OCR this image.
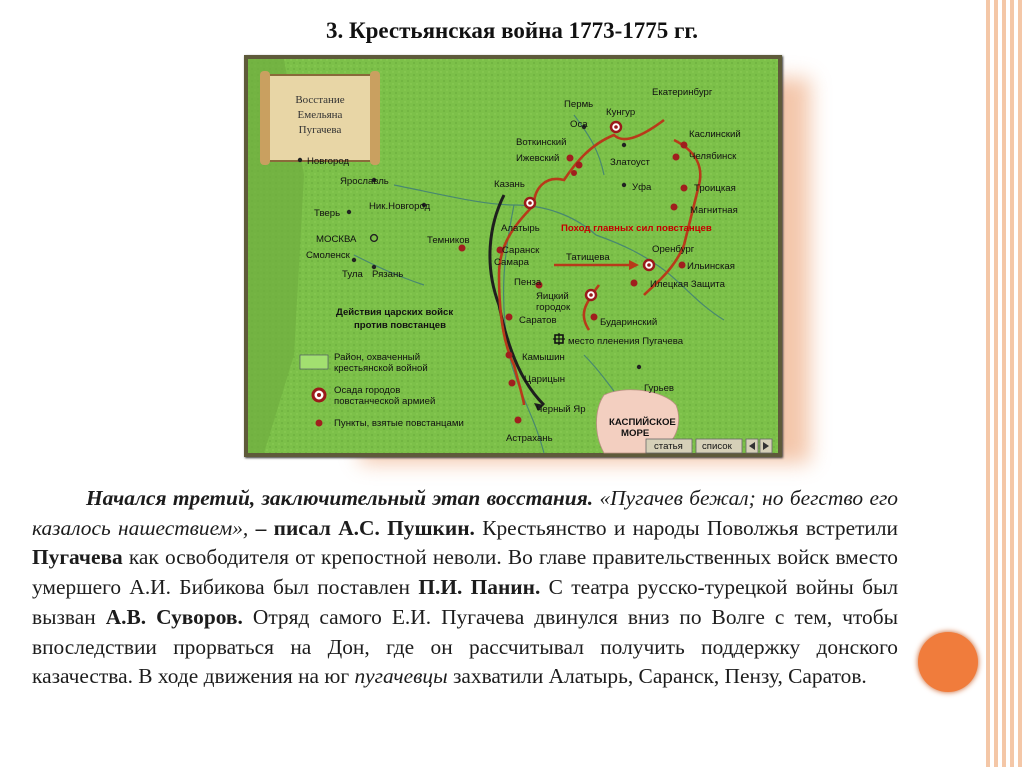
3. Крестьянская война 1773-1775 гг.
КАСПИЙСКОЕ
МОРЕ
Восстание
Емельяна
Пугачева
Пермь
Кунгур
Екатеринбург
Оса
Воткинский
Ижевский
Каслинский
Челябинск
Златоуст
Казань	Уфа	Троицкая
Магнитная
Новгород
Ярославль
Тверь
Ник.Новгород
МОСКВА	Темников
Алатырь
Саранск
Самара	Татищева
Оренбург
Ильинская
Смоленск
Тула Рязань
Пенза	Илецкая Защита
Яицкий
городок
Саратов	Бударинский
место пленения Пугачева
Камышин
Царицын
Гурьев
Черный Яр
Астрахань
Поход главных сил повстанцев
Действия царских войск
против повстанцев
Район, охваченный
крестьянской войной
Осада городов
повстанческой армией
Пункты, взятые повстанцами
статья список
Начался третий, заключительный этап восстания. «Пугачев бежал; но бегство его казалось нашествием», – писал А.С. Пушкин. Крестьянство и народы Поволжья встретили Пугачева как освободителя от крепостной неволи. Во главе правительственных войск вместо умершего А.И. Бибикова был поставлен П.И. Панин. С театра русско-турецкой войны был вызван А.В. Суворов. Отряд самого Е.И. Пугачева двинулся вниз по Волге с тем, чтобы впоследствии прорваться на Дон, где он рассчитывал получить поддержку донского казачества. В ходе движения на юг пугачевцы захватили Алатырь, Саранск, Пензу, Саратов.
